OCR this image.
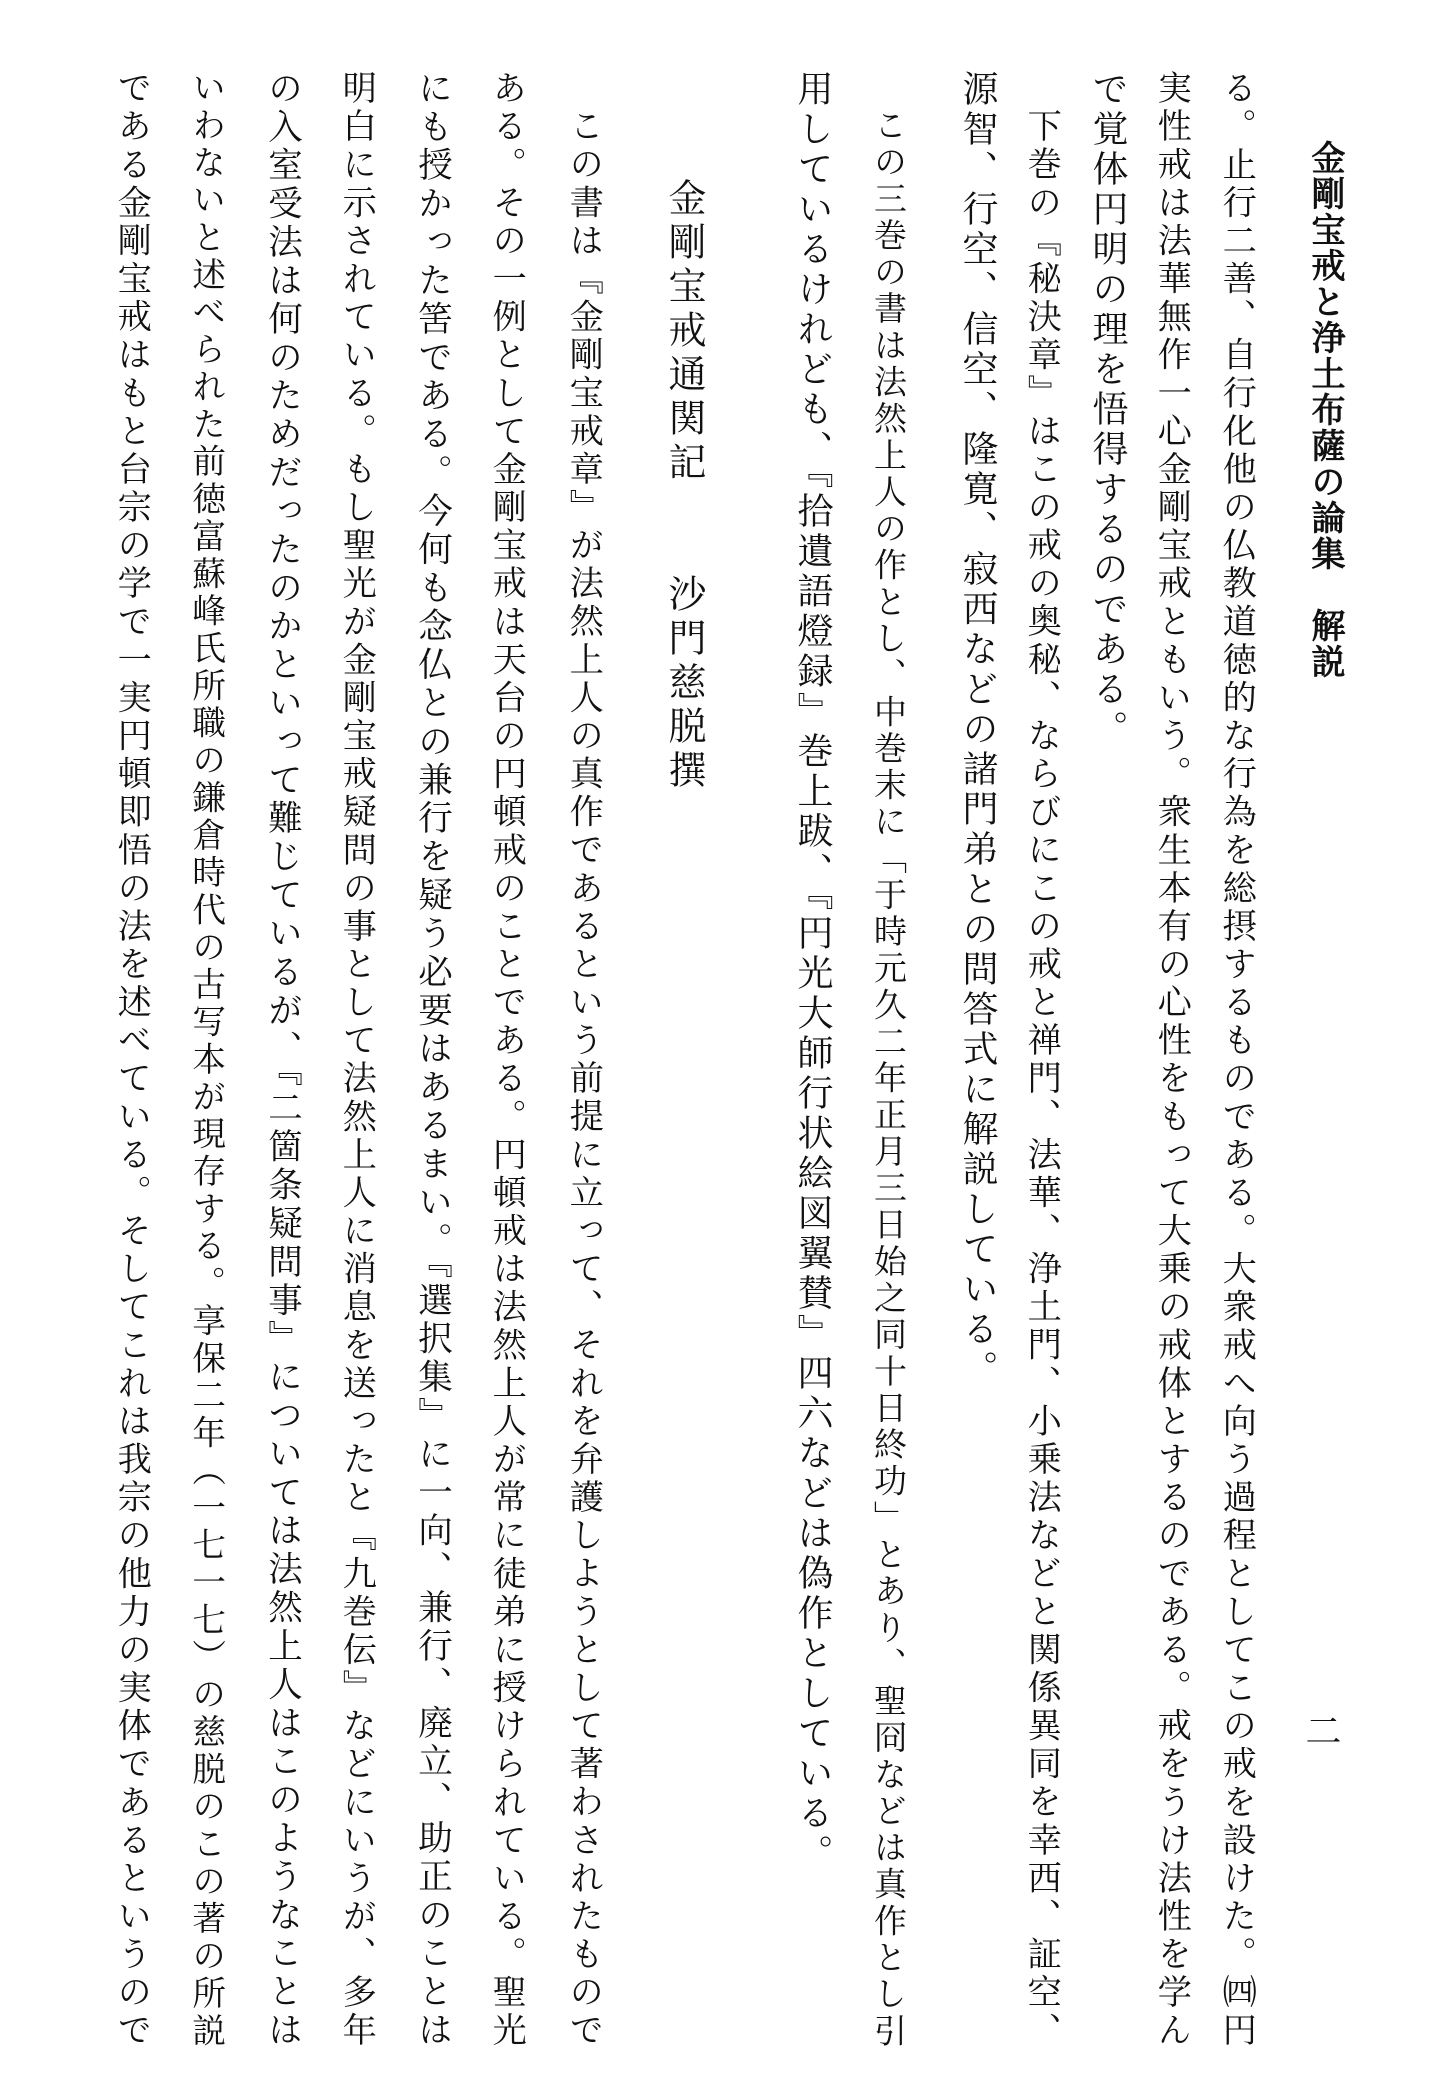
金剛宝戒と浄土布薩の論集　解説
二
る。止行二善、自行化他の仏教道徳的な行為を総摂するものである。大衆戒へ向う過程としてこの戒を設けた。㈣円
実性戒は法華無作一心金剛宝戒ともいう。衆生本有の心性をもって大乗の戒体とするのである。戒をうけ法性を学ん
で覚体円明の理を悟得するのである。
下巻の『秘決章』はこの戒の奥秘、ならびにこの戒と禅門、法華、浄土門、小乗法などと関係異同を幸西、証空、
源智、行空、信空、隆寛、寂西などの諸門弟との問答式に解説している。
この三巻の書は法然上人の作とし、中巻末に「于時元久二年正月三日始之同十日終功」とあり、聖冏などは真作とし引
用しているけれども、『拾遺語燈録』巻上跋、『円光大師行状絵図翼賛』四六などは偽作としている。
金剛宝戒通関記　　沙門慈脱撰
この書は『金剛宝戒章』が法然上人の真作であるという前提に立って、それを弁護しようとして著わされたもので
ある。その一例として金剛宝戒は天台の円頓戒のことである。円頓戒は法然上人が常に徒弟に授けられている。聖光
にも授かった筈である。今何も念仏との兼行を疑う必要はあるまい。『選択集』に一向、兼行、廃立、助正のことは
明白に示されている。もし聖光が金剛宝戒疑問の事として法然上人に消息を送ったと『九巻伝』などにいうが、多年
の入室受法は何のためだったのかといって難じているが、『二箇条疑問事』については法然上人はこのようなことは
いわないと述べられた前徳富蘇峰氏所職の鎌倉時代の古写本が現存する。享保二年（一七一七）の慈脱のこの著の所説
である金剛宝戒はもと台宗の学で一実円頓即悟の法を述べている。そしてこれは我宗の他力の実体であるというので
